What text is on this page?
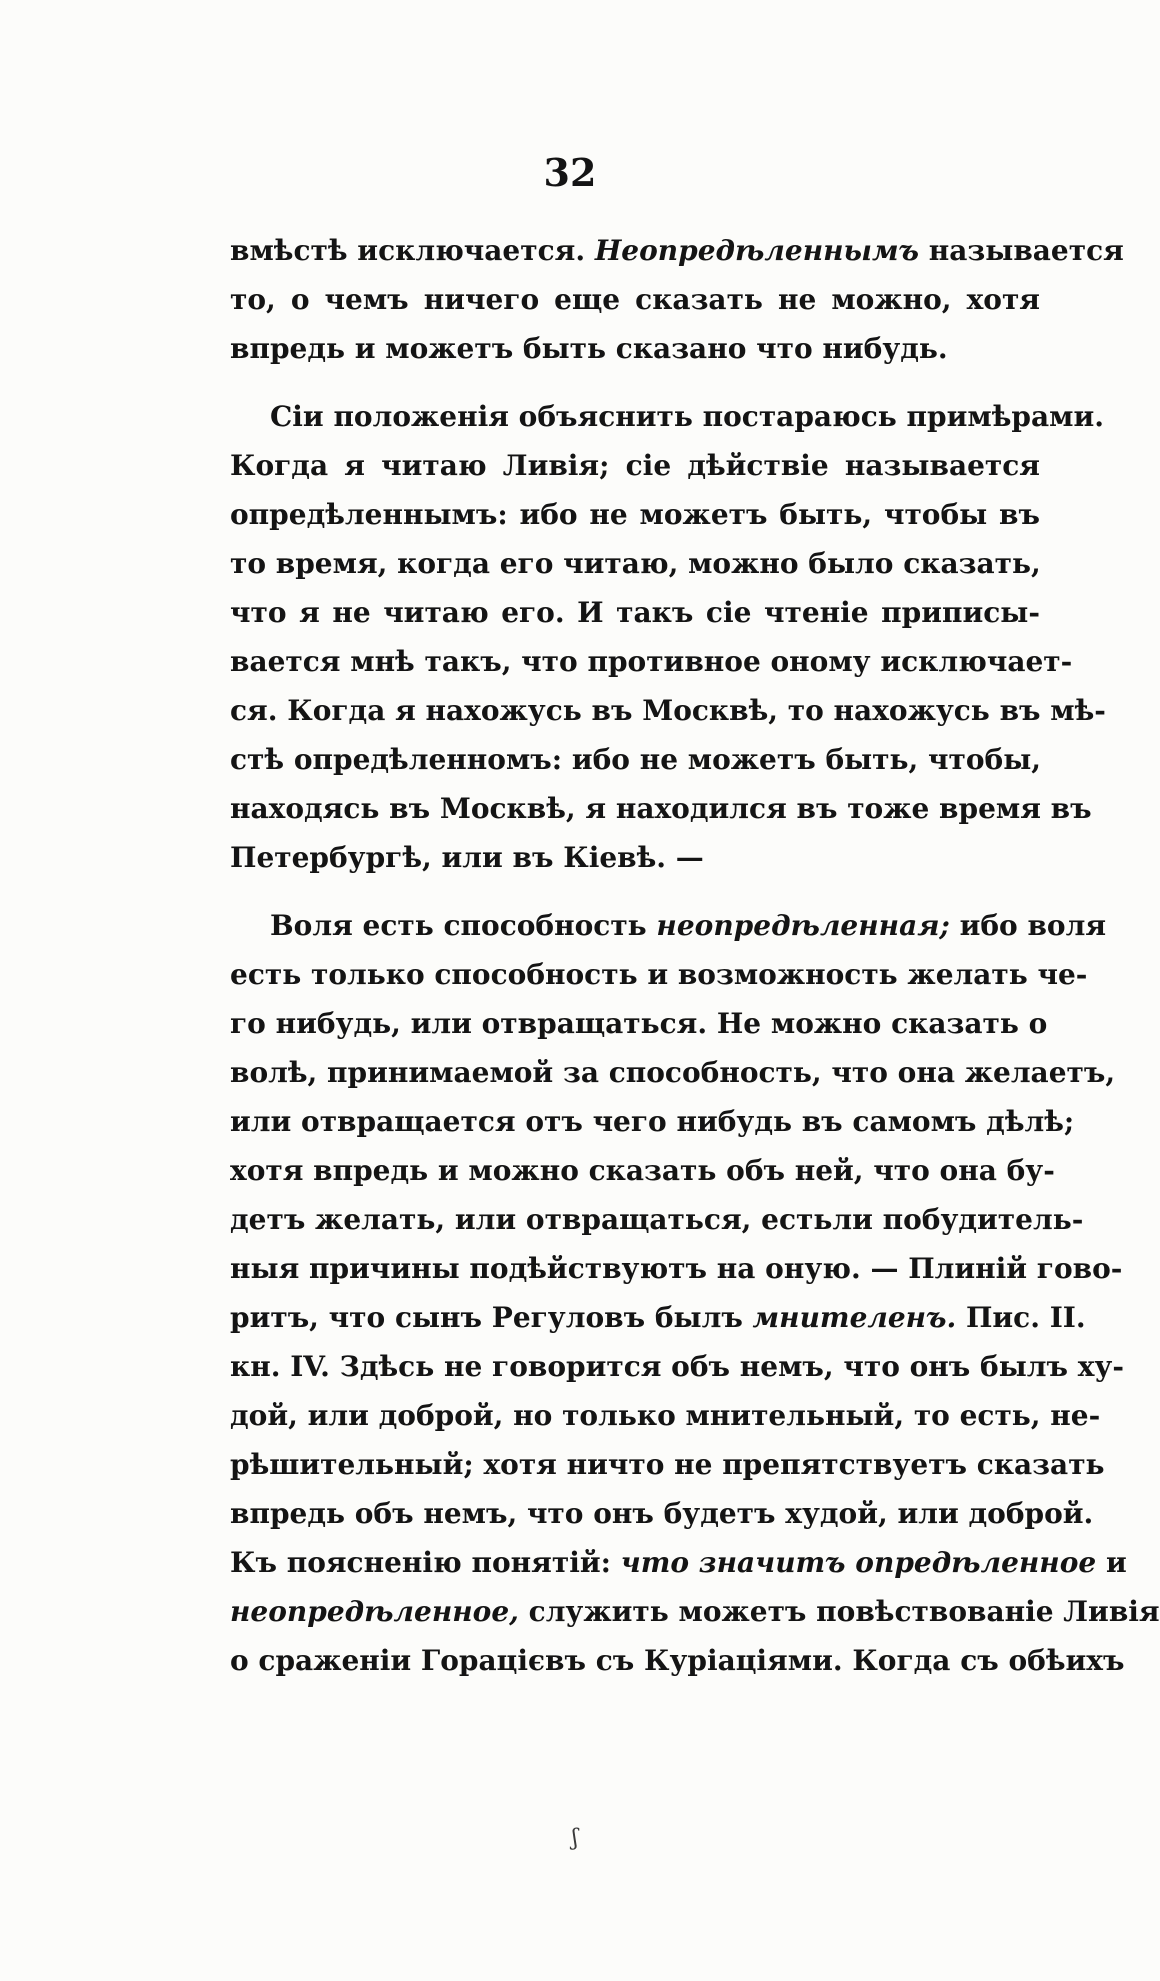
32
вмѣстѣ исключается. Неопредѣленнымъ называется
то, о чемъ ничего еще сказать не можно, хотя
впредь и можетъ быть сказано что нибудь.
Сіи положенія объяснить постараюсь примѣрами.
Когда я читаю Ливія; сіе дѣйствіе называется
опредѣленнымъ: ибо не можетъ быть, чтобы въ
то время, когда его читаю, можно было сказать,
что я не читаю его. И такъ сіе чтеніе приписы-
вается мнѣ такъ, что противное оному исключает-
ся. Когда я нахожусь въ Москвѣ, то нахожусь въ мѣ-
стѣ опредѣленномъ: ибо не можетъ быть, чтобы,
находясь въ Москвѣ, я находился въ тоже время въ
Петербургѣ, или въ Кіевѣ. —
Воля есть способность неопредѣленная; ибо воля
есть только способность и возможность желать че-
го нибудь, или отвращаться. Не можно сказать о
волѣ, принимаемой за способность, что она желаетъ,
или отвращается отъ чего нибудь въ самомъ дѣлѣ;
хотя впредь и можно сказать объ ней, что она бу-
детъ желать, или отвращаться, естьли побудитель-
ныя причины подѣйствуютъ на оную. — Плиній гово-
ритъ, что сынъ Регуловъ былъ мнителенъ. Пис. II.
кн. IV. Здѣсь не говорится объ немъ, что онъ былъ ху-
дой, или доброй, но только мнительный, то есть, не-
рѣшительный; хотя ничто не препятствуетъ сказать
впредь объ немъ, что онъ будетъ худой, или доброй.
Къ поясненію понятій: что значитъ опредѣленное и
неопредѣленное, служить можетъ повѣствованіе Ливія
о сраженіи Горацієвъ съ Куріаціями. Когда съ обѣихъ
ʃ
